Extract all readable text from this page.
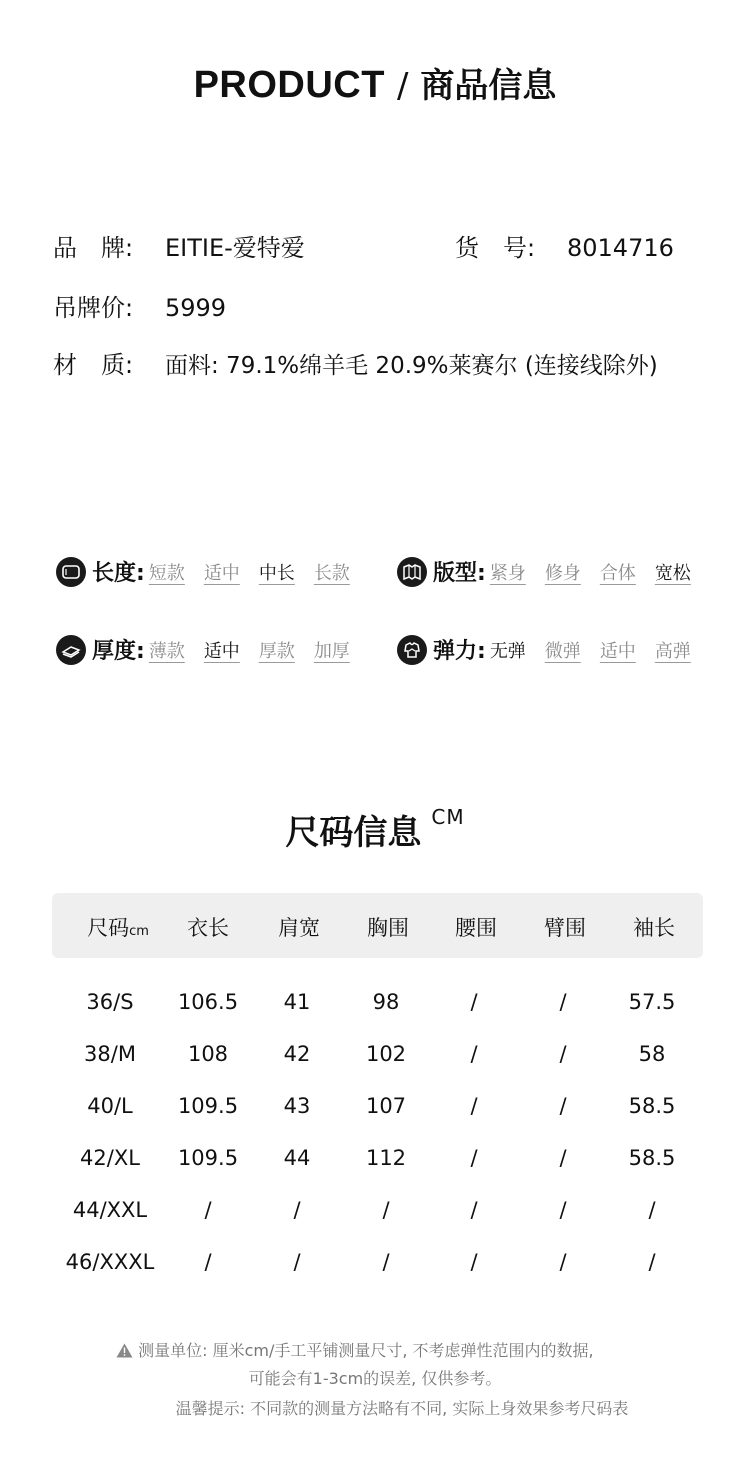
PRODUCT / 商品信息
品　牌: EITIE-爱特爱	货　号: 8014716
吊牌价: 5999
材　质: 面料: 79.1%绵羊毛 20.9%莱赛尔 (连接线除外)
长度: 短款 适中 中长 长款	版型: 紧身 修身 合体 宽松
厚度: 薄款 适中 厚款 加厚	弹力: 无弹 微弹 适中 高弹
尺码信息 CM
尺码cm 衣长 肩宽 胸围 腰围 臂围 袖长
36/S 106.5 41	98	/	/	57.5
38/M 108	42	102	/	/	58
40/L 109.5 43	107	/	/	58.5
42/XL 109.5 44	112	/	/	58.5
44/XXL	/	/	/	/	/	/
46/XXXL /	/	/	/	/	/
测量单位: 厘米cm/手工平铺测量尺寸, 不考虑弹性范围内的数据,
可能会有1-3cm的误差, 仅供参考。
温馨提示: 不同款的测量方法略有不同, 实际上身效果参考尺码表
